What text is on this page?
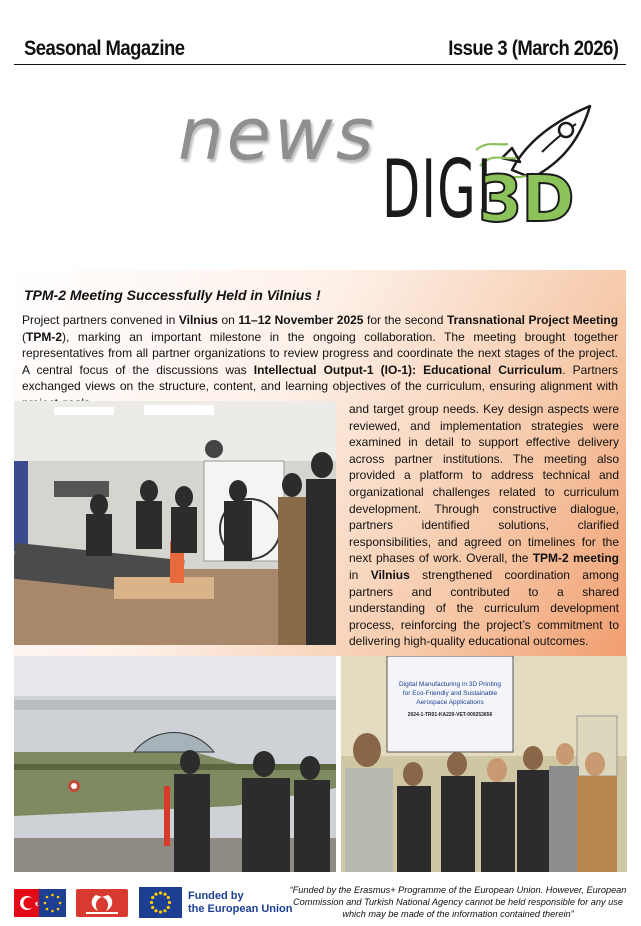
Seasonal Magazine	Issue 3 (March 2026)
news
DIGI
3D
TPM-2 Meeting Successfully Held in Vilnius !

Project partners convened in Vilnius on 11–12 November 2025 for the second Transnational Project Meeting (TPM-2), marking an important milestone in the ongoing collaboration. The meeting brought together representatives from all partner organizations to review progress and coordinate the next stages of the project. A central focus of the discussions was Intellectual Output-1 (IO-1): Educational Curriculum. Partners exchanged views on the structure, content, and learning objectives of the curriculum, ensuring alignment with

and target group needs. Key design aspects were reviewed, and implementation strategies were examined in detail to support effective delivery across partner institutions. The meeting also provided a platform to address technical and organizational challenges related to curriculum development. Through constructive dialogue, partners identified solutions, clarified responsibilities, and agreed on timelines for the next phases of work. Overall, the TPM-2 meeting in Vilnius strengthened coordination among partners and contributed to a shared understanding of the curriculum development process, reinforcing the project’s commitment to delivering high-quality educational outcomes.

Digital Manufacturing in 3D Printing
for Eco-Friendly and Sustainable
Aerospace Applications
2024-1-TR01-KA220-VET-000253656
Funded by
the European Union

“Funded by the Erasmus+ Programme of the European Union. However, European Commission and Turkish National Agency cannot be held responsible for any use which may be made of the information contained therein”
